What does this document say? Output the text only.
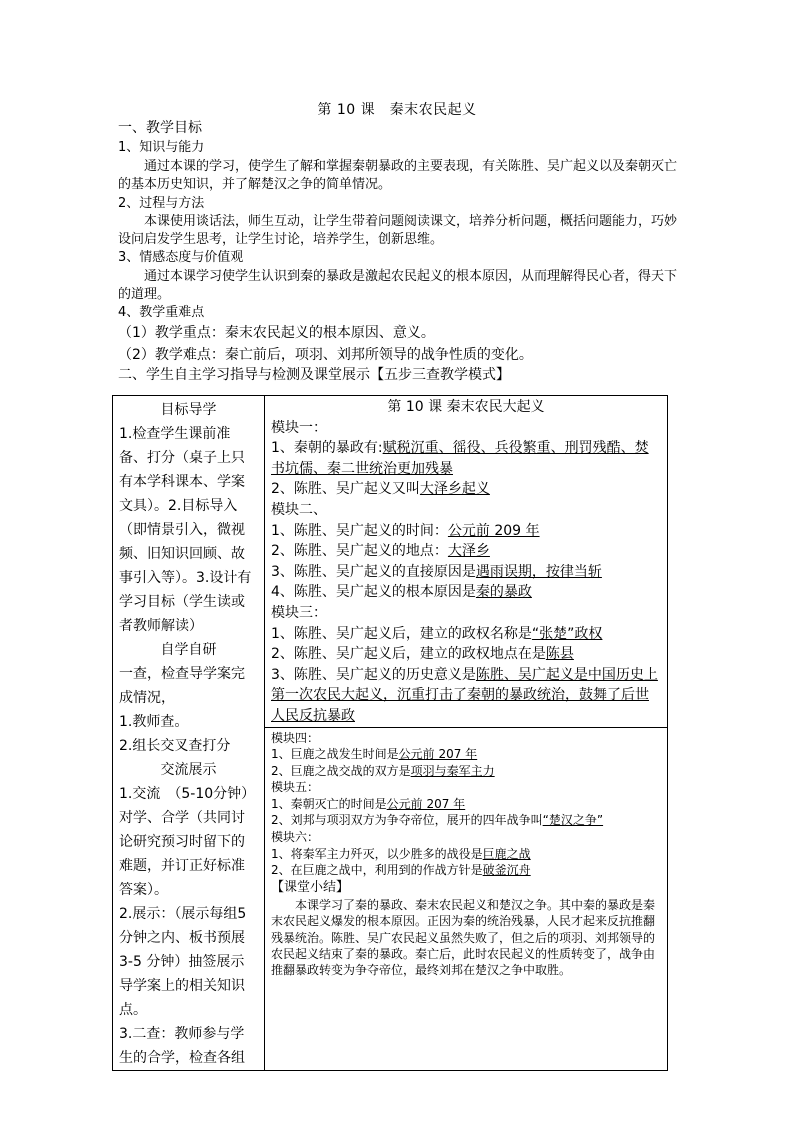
第 10 课　秦末农民起义
一、教学目标
1、知识与能力
通过本课的学习，使学生了解和掌握秦朝暴政的主要表现，有关陈胜、吴广起义以及秦朝灭亡的基本历史知识，并了解楚汉之争的简单情况。
2、过程与方法
本课使用谈话法，师生互动，让学生带着问题阅读课文，培养分析问题，概括问题能力，巧妙设问启发学生思考，让学生讨论，培养学生，创新思维。
3、情感态度与价值观
通过本课学习使学生认识到秦的暴政是激起农民起义的根本原因，从而理解得民心者，得天下的道理。
4、教学重难点
（1）教学重点：秦末农民起义的根本原因、意义。
（2）教学难点：秦亡前后，项羽、刘邦所领导的战争性质的变化。
二、学生自主学习指导与检测及课堂展示【五步三查教学模式】
目标导学
1.检查学生课前准备、打分（桌子上只有本学科课本、学案文具）。2.目标导入（即情景引入，微视频、旧知识回顾、故事引入等）。3.设计有学习目标（学生读或者教师解读）
自学自研
一查，检查导学案完成情况，
1.教师查。
2.组长交叉查打分
交流展示
1.交流　（5-10分钟）对学、合学（共同讨论研究预习时留下的难题，并订正好标准答案）。
2.展示：（展示每组5分钟之内、板书预展 3-5 分钟）抽签展示导学案上的相关知识点。
3.二查：教师参与学生的合学，检查各组

第 10 课 秦末农民大起义
模块一：
1、秦朝的暴政有:赋税沉重、徭役、兵役繁重、刑罚残酷、焚书坑儒、秦二世统治更加残暴
2、陈胜、吴广起义又叫大泽乡起义
模块二、
1、陈胜、吴广起义的时间：公元前 209 年
2、陈胜、吴广起义的地点：大泽乡
3、陈胜、吴广起义的直接原因是遇雨误期，按律当斩
4、陈胜、吴广起义的根本原因是秦的暴政
模块三：
1、陈胜、吴广起义后，建立的政权名称是“张楚”政权
2、陈胜、吴广起义后，建立的政权地点在是陈县
3、陈胜、吴广起义的历史意义是陈胜、吴广起义是中国历史上第一次农民大起义，沉重打击了秦朝的暴政统治，鼓舞了后世人民反抗暴政

模块四：
1、巨鹿之战发生时间是公元前 207 年
2、巨鹿之战交战的双方是项羽与秦军主力
模块五：
1、秦朝灭亡的时间是公元前 207 年
2、刘邦与项羽双方为争夺帝位，展开的四年战争叫“楚汉之争”
模块六：
1、将秦军主力歼灭，以少胜多的战役是巨鹿之战
2、在巨鹿之战中，利用到的作战方针是破釜沉舟
【课堂小结】
本课学习了秦的暴政、秦末农民起义和楚汉之争。其中秦的暴政是秦末农民起义爆发的根本原因。正因为秦的统治残暴，人民才起来反抗推翻残暴统治。陈胜、吴广农民起义虽然失败了，但之后的项羽、刘邦领导的农民起义结束了秦的暴政。秦亡后，此时农民起义的性质转变了，战争由推翻暴政转变为争夺帝位，最终刘邦在楚汉之争中取胜。
